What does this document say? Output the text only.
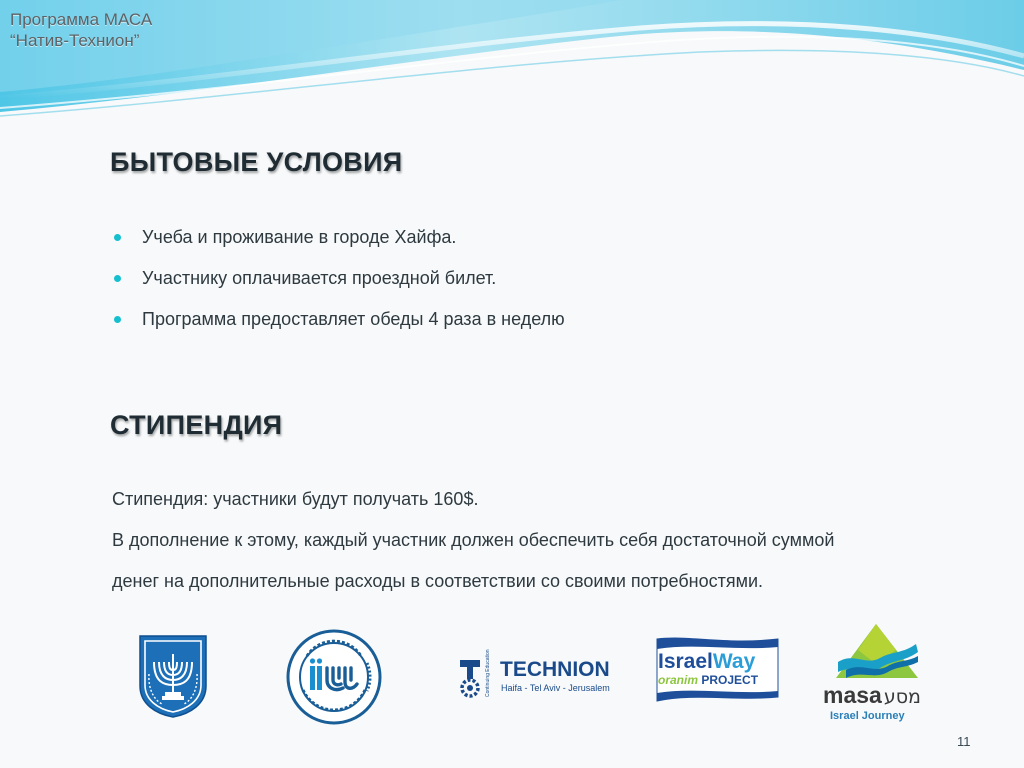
Программа МАСА
“Натив-Технион”
БЫТОВЫЕ УСЛОВИЯ
Учеба и проживание в городе Хайфа.
Участнику оплачивается проездной билет.
Программа предоставляет обеды 4 раза в неделю
СТИПЕНДИЯ

Стипендия: участники будут получать 160$.

В дополнение к этому, каждый участник должен обеспечить себя достаточной суммой

денег на дополнительные расходы в соответствии со своими потребностями.

Continuing Education TECHNION
Haifa - Tel Aviv - Jerusalem
IsraelWay
oranim PROJECT
masa מסע
Israel Journey
11
